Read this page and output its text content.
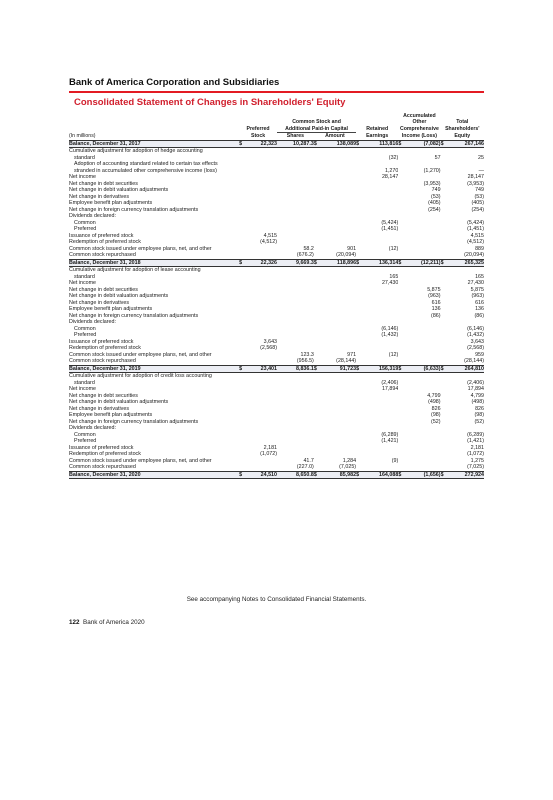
Bank of America Corporation and Subsidiaries
Consolidated Statement of Changes in Shareholders' Equity
								Accumulated			
			Common Stock and					Other		Total	
	Preferred		Additional Paid-in Capital			Retained		Comprehensive		Shareholders'	
(In millions)	Stock		Shares	Amount		Earnings		Income (Loss)		Equity	
Balance, December 31, 2017	$	22,323	10,287.3	$	138,089	$	113,816	$	(7,082)	$	267,146
Cumulative adjustment for adoption of hedge accounting											
standard							(32)		57		25
Adoption of accounting standard related to certain tax effects											
stranded in accumulated other comprehensive income (loss)							1,270		(1,270)		—
Net income							28,147				28,147
Net change in debt securities									(3,953)		(3,953)
Net change in debit valuation adjustments									749		749
Net change in derivatives									(53)		(53)
Employee benefit plan adjustments									(405)		(405)
Net change in foreign currency translation adjustments									(254)		(254)
Dividends declared:											
Common							(5,424)				(5,424)
Preferred							(1,451)				(1,451)
Issuance of preferred stock		4,515									4,515
Redemption of preferred stock		(4,512)									(4,512)
Common stock issued under employee plans, net, and other			58.2		901		(12)				889
Common stock repurchased			(676.2)		(20,094)						(20,094)
Balance, December 31, 2018	$	22,326	9,669.3	$	118,896	$	136,314	$	(12,211)	$	265,325
Cumulative adjustment for adoption of lease accounting											
standard							165				165
Net income							27,430				27,430
Net change in debt securities									5,875		5,875
Net change in debit valuation adjustments									(963)		(963)
Net change in derivatives									616		616
Employee benefit plan adjustments									136		136
Net change in foreign currency translation adjustments									(86)		(86)
Dividends declared:											
Common							(6,146)				(6,146)
Preferred							(1,432)				(1,432)
Issuance of preferred stock		3,643									3,643
Redemption of preferred stock		(2,568)									(2,568)
Common stock issued under employee plans, net, and other			123.3		971		(12)				959
Common stock repurchased			(956.5)		(28,144)						(28,144)
Balance, December 31, 2019	$	23,401	8,836.1	$	91,723	$	156,319	$	(6,633)	$	264,810
Cumulative adjustment for adoption of credit loss accounting											
standard							(2,406)				(2,406)
Net income							17,894				17,894
Net change in debt securities									4,799		4,799
Net change in debit valuation adjustments									(498)		(498)
Net change in derivatives									826		826
Employee benefit plan adjustments									(98)		(98)
Net change in foreign currency translation adjustments									(52)		(52)
Dividends declared:											
Common							(6,289)				(6,289)
Preferred							(1,421)				(1,421)
Issuance of preferred stock		2,181									2,181
Redemption of preferred stock		(1,072)									(1,072)
Common stock issued under employee plans, net, and other			41.7		1,284		(9)				1,275
Common stock repurchased			(227.0)		(7,025)						(7,025)
Balance, December 31, 2020	$	24,510	8,650.8	$	85,982	$	164,088	$	(1,656)	$	272,924
See accompanying Notes to Consolidated Financial Statements.
122 Bank of America 2020
